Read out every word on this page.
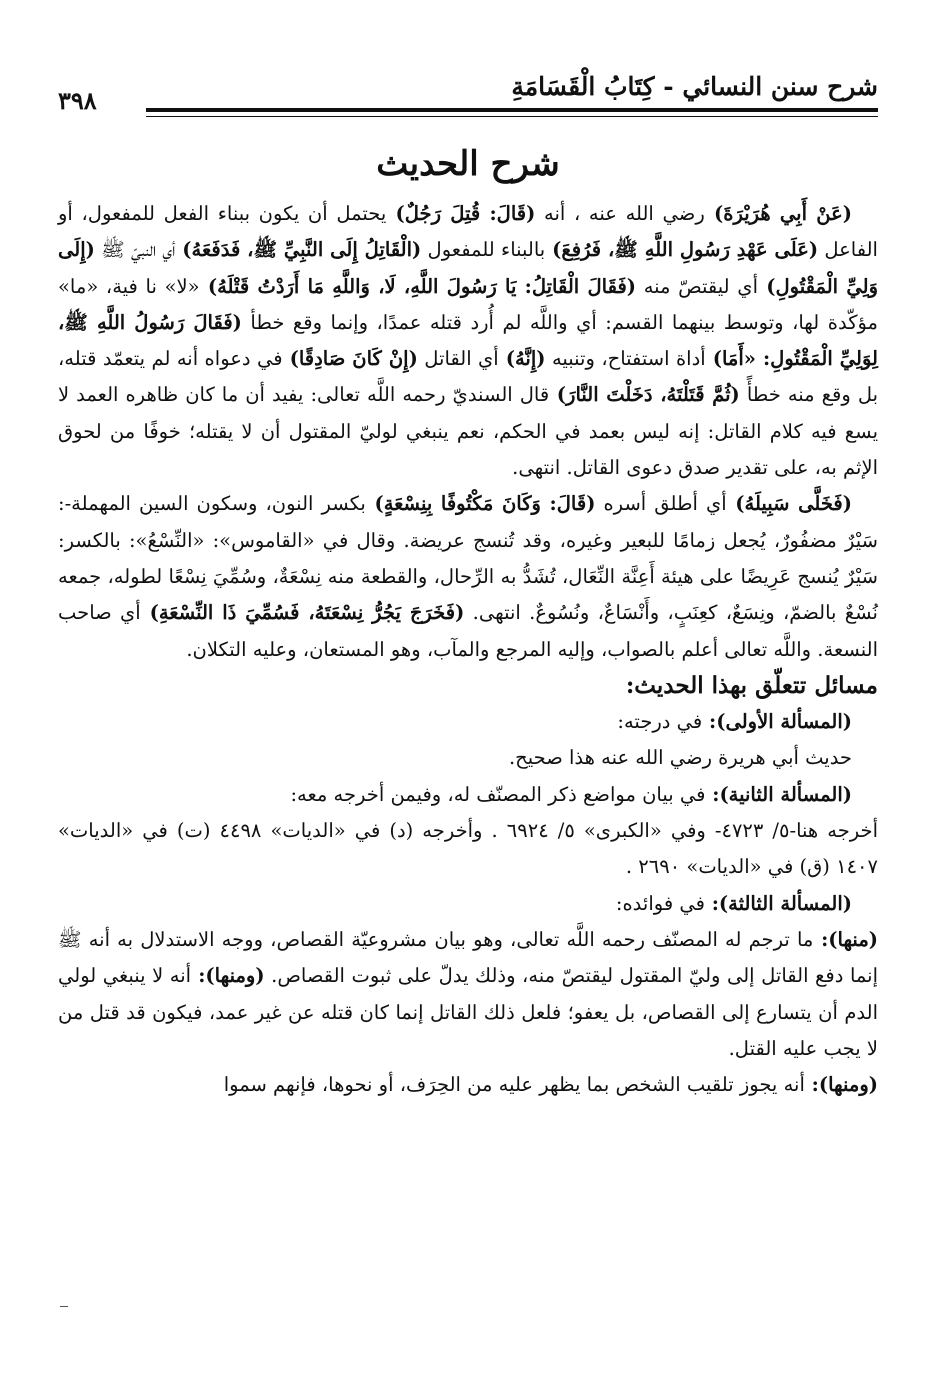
شرح سنن النسائي - كِتَابُ الْقَسَامَةِ
٣٩٨
شرح الحديث

(عَنْ أَبِي هُرَيْرَةَ) رضي الله عنه ، أنه (قَالَ: قُتِلَ رَجُلٌ) يحتمل أن يكون ببناء الفعل للمفعول، أو الفاعل (عَلَى عَهْدِ رَسُولِ اللَّهِ ﷺ، فَرُفِعَ) بالبناء للمفعول (الْقَاتِلُ إِلَى النَّبِيِّ ﷺ، فَدَفَعَهُ) أي النبيّ ﷺ (إِلَى وَلِيِّ الْمَقْتُولِ) أي ليقتصّ منه (فَقَالَ الْقَاتِلُ: يَا رَسُولَ اللَّهِ، لَا، وَاللَّهِ مَا أَرَدْتُ قَتْلَهُ) «لا» نا فية، «ما» مؤكّدة لها، وتوسط بينهما القسم: أي واللَّه لم أُرد قتله عمدًا، وإنما وقع خطأ (فَقَالَ رَسُولُ اللَّهِ ﷺ، لِوَلِيِّ الْمَقْتُولِ: «أَمَا) أداة استفتاح، وتنبيه (إِنَّهُ) أي القاتل (إِنْ كَانَ صَادِقًا) في دعواه أنه لم يتعمّد قتله، بل وقع منه خطأً (ثُمَّ قَتَلْتَهُ، دَخَلْتَ النَّارَ) قال السنديّ رحمه اللَّه تعالى: يفيد أن ما كان ظاهره العمد لا يسع فيه كلام القاتل: إنه ليس بعمد في الحكم، نعم ينبغي لوليّ المقتول أن لا يقتله؛ خوفًا من لحوق الإثم به، على تقدير صدق دعوى القاتل. انتهى.

(فَخَلَّى سَبِيلَهُ) أي أطلق أسره (قَالَ: وَكَانَ مَكْتُوفًا بِنِسْعَةٍ) بكسر النون، وسكون السين المهملة-: سَيْرٌ مضفُورٌ، يُجعل زمامًا للبعير وغيره، وقد تُنسج عريضة. وقال في «القاموس»: «النِّسْعُ»: بالكسر: سَيْرٌ يُنسج عَرِيضًا على هيئة أَعِنَّة النِّعَال، تُشَدُّ به الرِّحال، والقطعة منه نِسْعَةٌ، وسُمِّيَ نِسْعًا لطوله، جمعه نُسْعٌ بالضمّ، ونِسَعٌ، كعِنَبٍ، وأَنْسَاعٌ، ونُسُوعٌ. انتهى. (فَخَرَجَ يَجُرُّ نِسْعَتَهُ، فَسُمِّيَ ذَا النِّسْعَةِ) أي صاحب النسعة. واللَّه تعالى أعلم بالصواب، وإليه المرجع والمآب، وهو المستعان، وعليه التكلان.

مسائل تتعلّق بهذا الحديث:

(المسألة الأولى): في درجته:

حديث أبي هريرة رضي الله عنه هذا صحيح.

(المسألة الثانية): في بيان مواضع ذكر المصنّف له، وفيمن أخرجه معه:

أخرجه هنا-٥/ ٤٧٢٣- وفي «الكبرى» ٥/ ٦٩٢٤ . وأخرجه (د) في «الديات» ٤٤٩٨ (ت) في «الديات» ١٤٠٧ (ق) في «الديات» ٢٦٩٠ .

(المسألة الثالثة): في فوائده:

(منها): ما ترجم له المصنّف رحمه اللَّه تعالى، وهو بيان مشروعيّة القصاص، ووجه الاستدلال به أنه ﷺ إنما دفع القاتل إلى وليّ المقتول ليقتصّ منه، وذلك يدلّ على ثبوت القصاص. (ومنها): أنه لا ينبغي لولي الدم أن يتسارع إلى القصاص، بل يعفو؛ فلعل ذلك القاتل إنما كان قتله عن غير عمد، فيكون قد قتل من لا يجب عليه القتل.

(ومنها): أنه يجوز تلقيب الشخص بما يظهر عليه من الحِرَف، أو نحوها، فإنهم سموا
